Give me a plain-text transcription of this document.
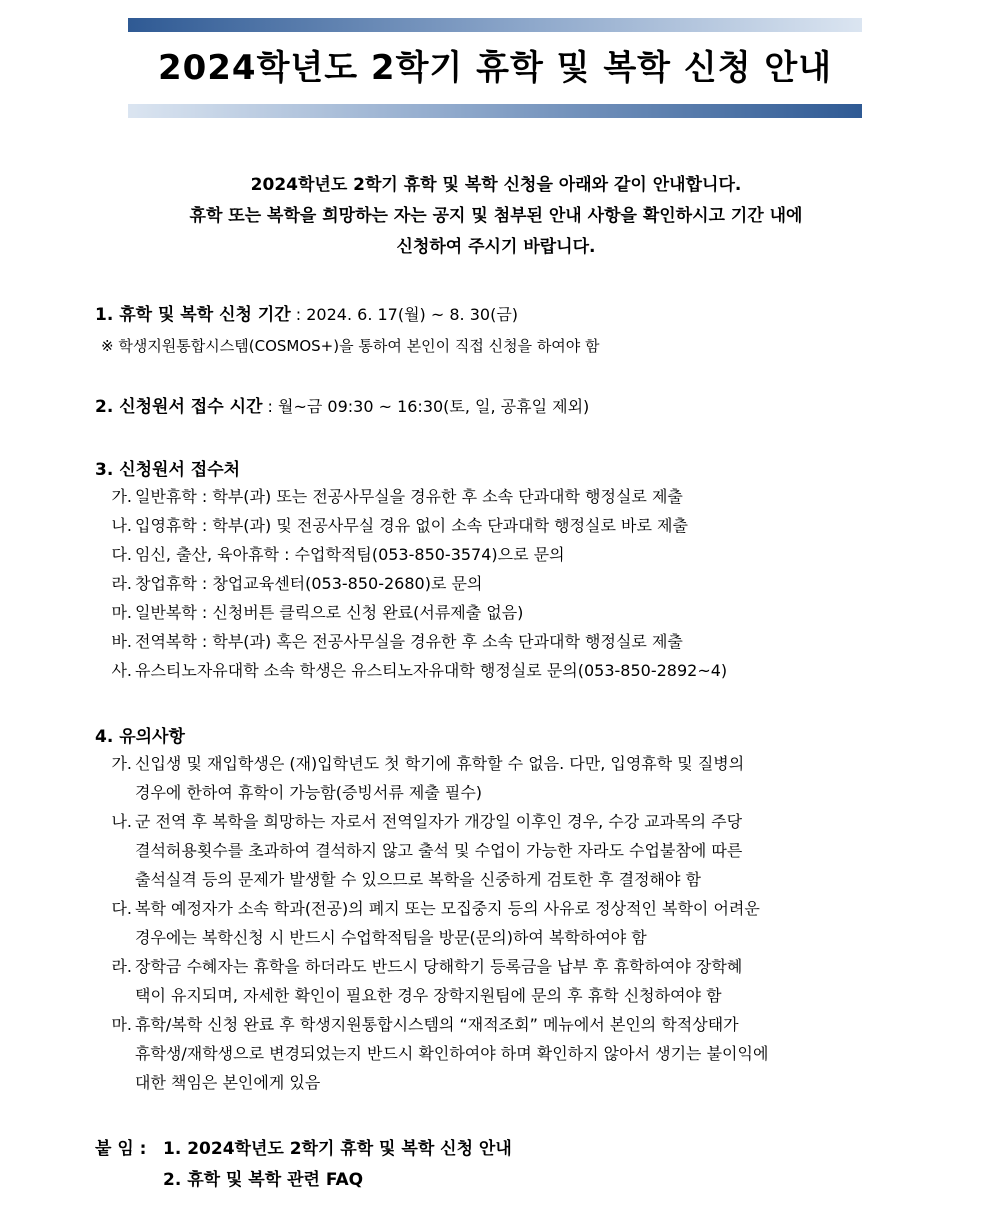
2024학년도 2학기 휴학 및 복학 신청 안내
2024학년도 2학기 휴학 및 복학 신청을 아래와 같이 안내합니다.
휴학 또는 복학을 희망하는 자는 공지 및 첨부된 안내 사항을 확인하시고 기간 내에
신청하여 주시기 바랍니다.
1. 휴학 및 복학 신청 기간 : 2024. 6. 17(월) ~ 8. 30(금)
※ 학생지원통합시스템(COSMOS+)을 통하여 본인이 직접 신청을 하여야 함
2. 신청원서 접수 시간 : 월~금 09:30 ~ 16:30(토, 일, 공휴일 제외)
3. 신청원서 접수처
가. 일반휴학 : 학부(과) 또는 전공사무실을 경유한 후 소속 단과대학 행정실로 제출
나. 입영휴학 : 학부(과) 및 전공사무실 경유 없이 소속 단과대학 행정실로 바로 제출
다. 임신, 출산, 육아휴학 : 수업학적팀(053-850-3574)으로 문의
라. 창업휴학 : 창업교육센터(053-850-2680)로 문의
마. 일반복학 : 신청버튼 클릭으로 신청 완료(서류제출 없음)
바. 전역복학 : 학부(과) 혹은 전공사무실을 경유한 후 소속 단과대학 행정실로 제출
사. 유스티노자유대학 소속 학생은 유스티노자유대학 행정실로 문의(053-850-2892~4)
4. 유의사항
가. 신입생 및 재입학생은 (재)입학년도 첫 학기에 휴학할 수 없음. 다만, 입영휴학 및 질병의
경우에 한하여 휴학이 가능함(증빙서류 제출 필수)
나. 군 전역 후 복학을 희망하는 자로서 전역일자가 개강일 이후인 경우, 수강 교과목의 주당
결석허용횟수를 초과하여 결석하지 않고 출석 및 수업이 가능한 자라도 수업불참에 따른
출석실격 등의 문제가 발생할 수 있으므로 복학을 신중하게 검토한 후 결정해야 함
다. 복학 예정자가 소속 학과(전공)의 폐지 또는 모집중지 등의 사유로 정상적인 복학이 어려운
경우에는 복학신청 시 반드시 수업학적팀을 방문(문의)하여 복학하여야 함
라. 장학금 수혜자는 휴학을 하더라도 반드시 당해학기 등록금을 납부 후 휴학하여야 장학혜
택이 유지되며, 자세한 확인이 필요한 경우 장학지원팀에 문의 후 휴학 신청하여야 함
마. 휴학/복학 신청 완료 후 학생지원통합시스템의 “재적조회” 메뉴에서 본인의 학적상태가
휴학생/재학생으로 변경되었는지 반드시 확인하여야 하며 확인하지 않아서 생기는 불이익에
대한 책임은 본인에게 있음
붙 임 : 1. 2024학년도 2학기 휴학 및 복학 신청 안내
2. 휴학 및 복학 관련 FAQ
